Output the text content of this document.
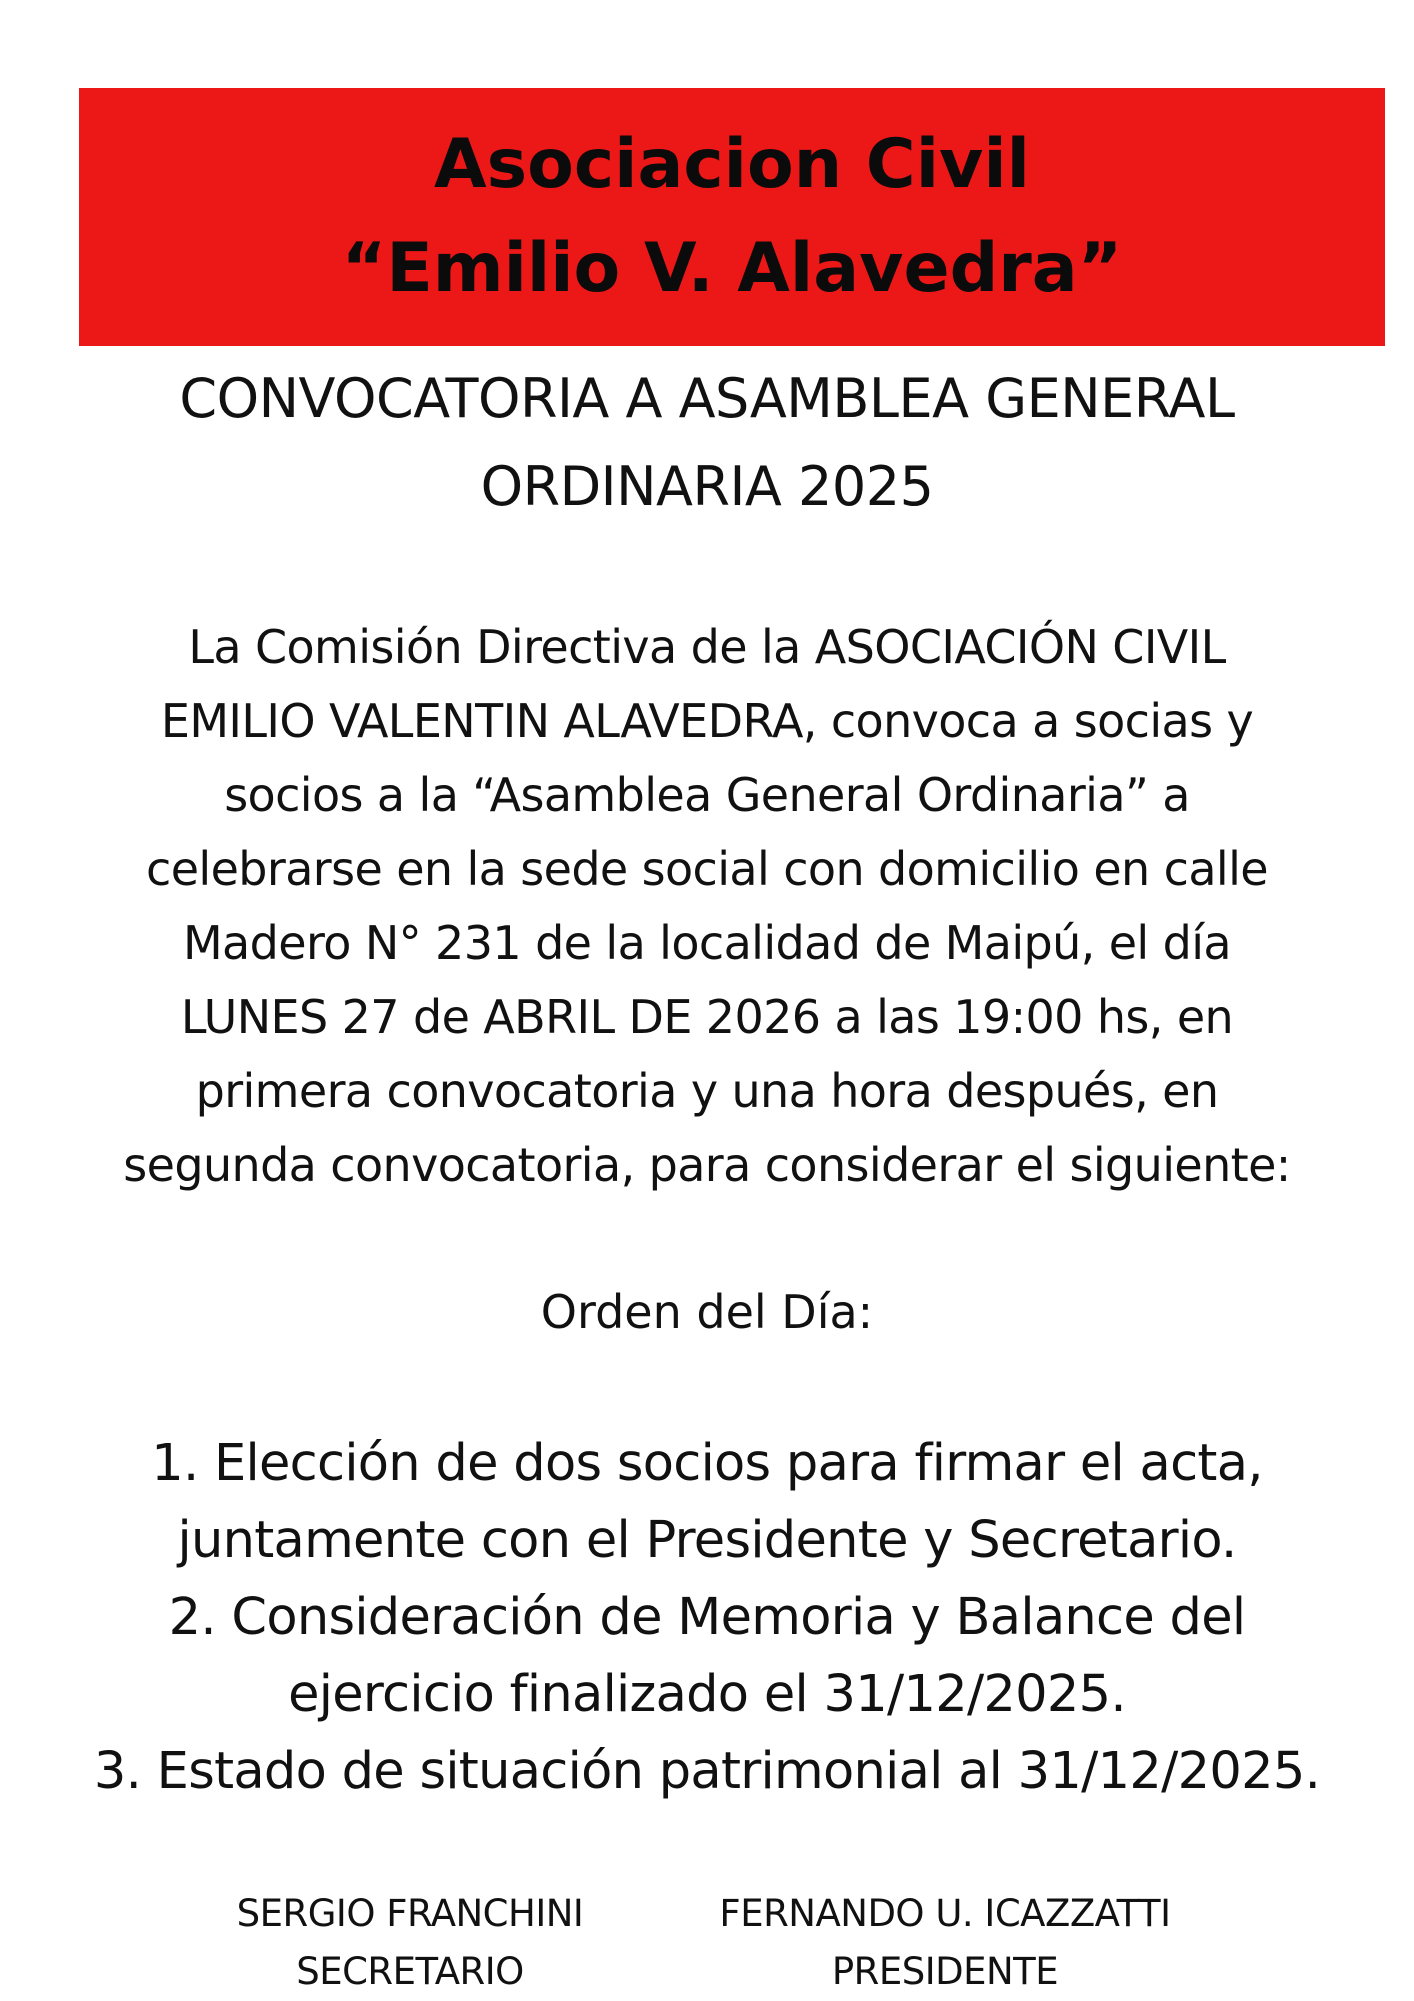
Asociacion Civil
“Emilio V. Alavedra”
CONVOCATORIA A ASAMBLEA GENERAL
ORDINARIA 2025
La Comisión Directiva de la ASOCIACIÓN CIVIL
EMILIO VALENTIN ALAVEDRA, convoca a socias y
socios a la “Asamblea General Ordinaria” a
celebrarse en la sede social con domicilio en calle
Madero N° 231 de la localidad de Maipú, el día
LUNES 27 de ABRIL DE 2026 a las 19:00 hs, en
primera convocatoria y una hora después, en
segunda convocatoria, para considerar el siguiente:
Orden del Día:
1. Elección de dos socios para firmar el acta,
juntamente con el Presidente y Secretario.
2. Consideración de Memoria y Balance del
ejercicio finalizado el 31/12/2025.
3. Estado de situación patrimonial al 31/12/2025.
SERGIO FRANCHINI
SECRETARIO
FERNANDO U. ICAZZATTI
PRESIDENTE
